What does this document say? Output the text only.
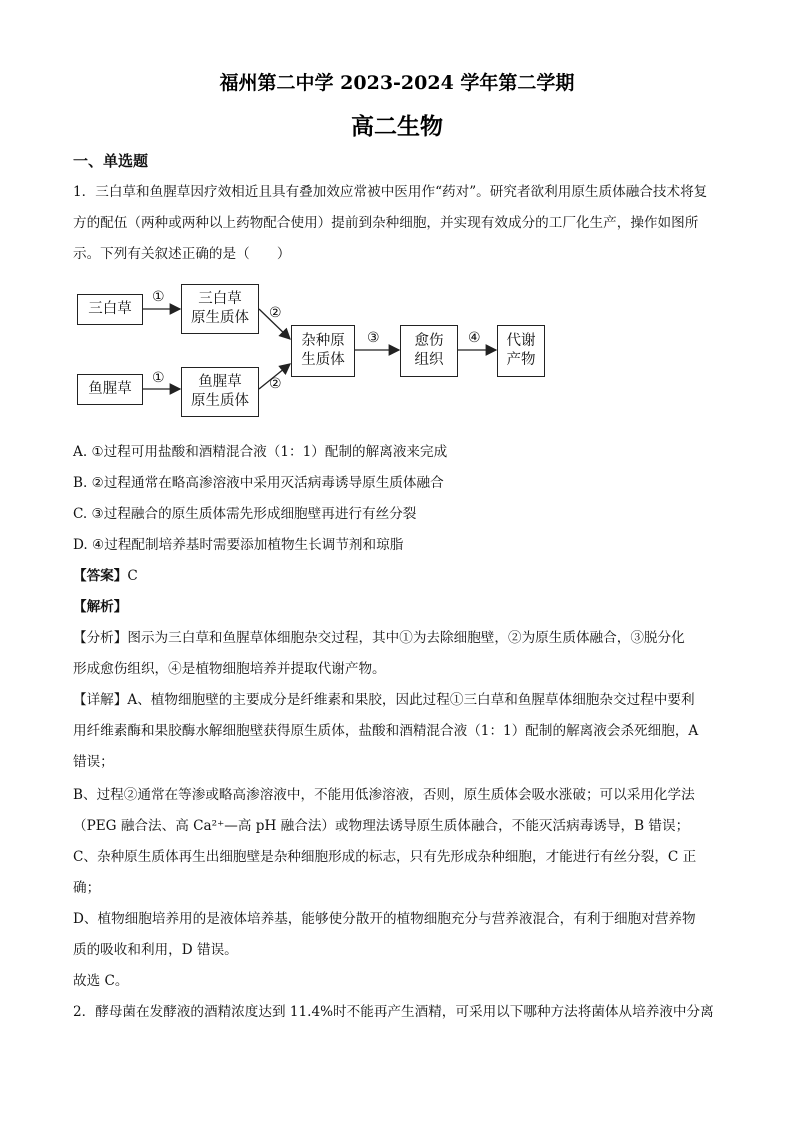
福州第二中学 2023-2024 学年第二学期
高二生物
一、单选题
1．三白草和鱼腥草因疗效相近且具有叠加效应常被中医用作“药对”。研究者欲利用原生质体融合技术将复
方的配伍（两种或两种以上药物配合使用）提前到杂种细胞，并实现有效成分的工厂化生产，操作如图所
示。下列有关叙述正确的是（　　）
三白草
鱼腥草
三白草
原生质体
鱼腥草
原生质体
杂种原
生质体
愈伤
组织
代谢
产物
①
①
②
②
③	④
A. ①过程可用盐酸和酒精混合液（1：1）配制的解离液来完成
B. ②过程通常在略高渗溶液中采用灭活病毒诱导原生质体融合
C. ③过程融合的原生质体需先形成细胞壁再进行有丝分裂
D. ④过程配制培养基时需要添加植物生长调节剂和琼脂
【答案】C
【解析】
【分析】图示为三白草和鱼腥草体细胞杂交过程，其中①为去除细胞壁，②为原生质体融合，③脱分化
形成愈伤组织，④是植物细胞培养并提取代谢产物。
【详解】A、植物细胞壁的主要成分是纤维素和果胶，因此过程①三白草和鱼腥草体细胞杂交过程中要利
用纤维素酶和果胶酶水解细胞壁获得原生质体，盐酸和酒精混合液（1：1）配制的解离液会杀死细胞，A
错误；
B、过程②通常在等渗或略高渗溶液中，不能用低渗溶液，否则，原生质体会吸水涨破；可以采用化学法
（PEG 融合法、高 Ca²⁺—高 pH 融合法）或物理法诱导原生质体融合，不能灭活病毒诱导，B 错误；
C、杂种原生质体再生出细胞壁是杂种细胞形成的标志，只有先形成杂种细胞，才能进行有丝分裂，C 正
确；
D、植物细胞培养用的是液体培养基，能够使分散开的植物细胞充分与营养液混合，有利于细胞对营养物
质的吸收和利用，D 错误。
故选 C。
2．酵母菌在发酵液的酒精浓度达到 11.4%时不能再产生酒精，可采用以下哪种方法将菌体从培养液中分离
